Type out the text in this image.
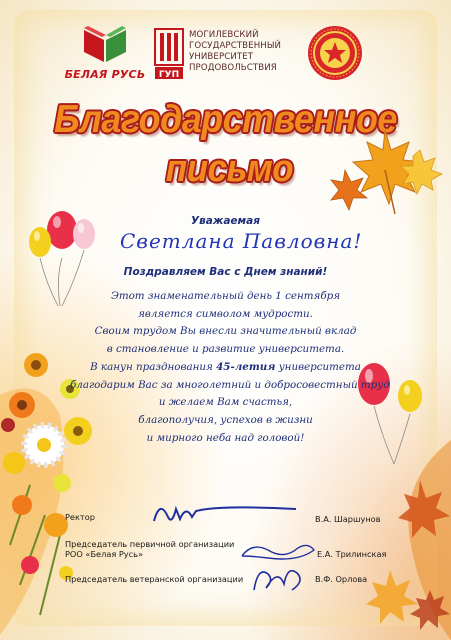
БЕЛАЯ РУСЬ ГУП
МОГИЛЕВСКИЙ
ГОСУДАРСТВЕННЫЙ
УНИВЕРСИТЕТ
ПРОДОВОЛЬСТВИЯ
Благодарственное
письмо
Уважаемая
Светлана Павловна!
Поздравляем Вас с Днем знаний!
Этот знаменательный день 1 сентября
является символом мудрости.
Своим трудом Вы внесли значительный вклад
в становление и развитие университета.
В канун празднования 45-летия университета
благодарим Вас за многолетний и добросовестный труд
и желаем Вам счастья,
благополучия, успехов в жизни
и мирного неба над головой!
Ректор	В.А. Шаршунов
Председатель первичной организации
РОО «Белая Русь»	Е.А. Трилинская
Председатель ветеранской организации	В.Ф. Орлова
